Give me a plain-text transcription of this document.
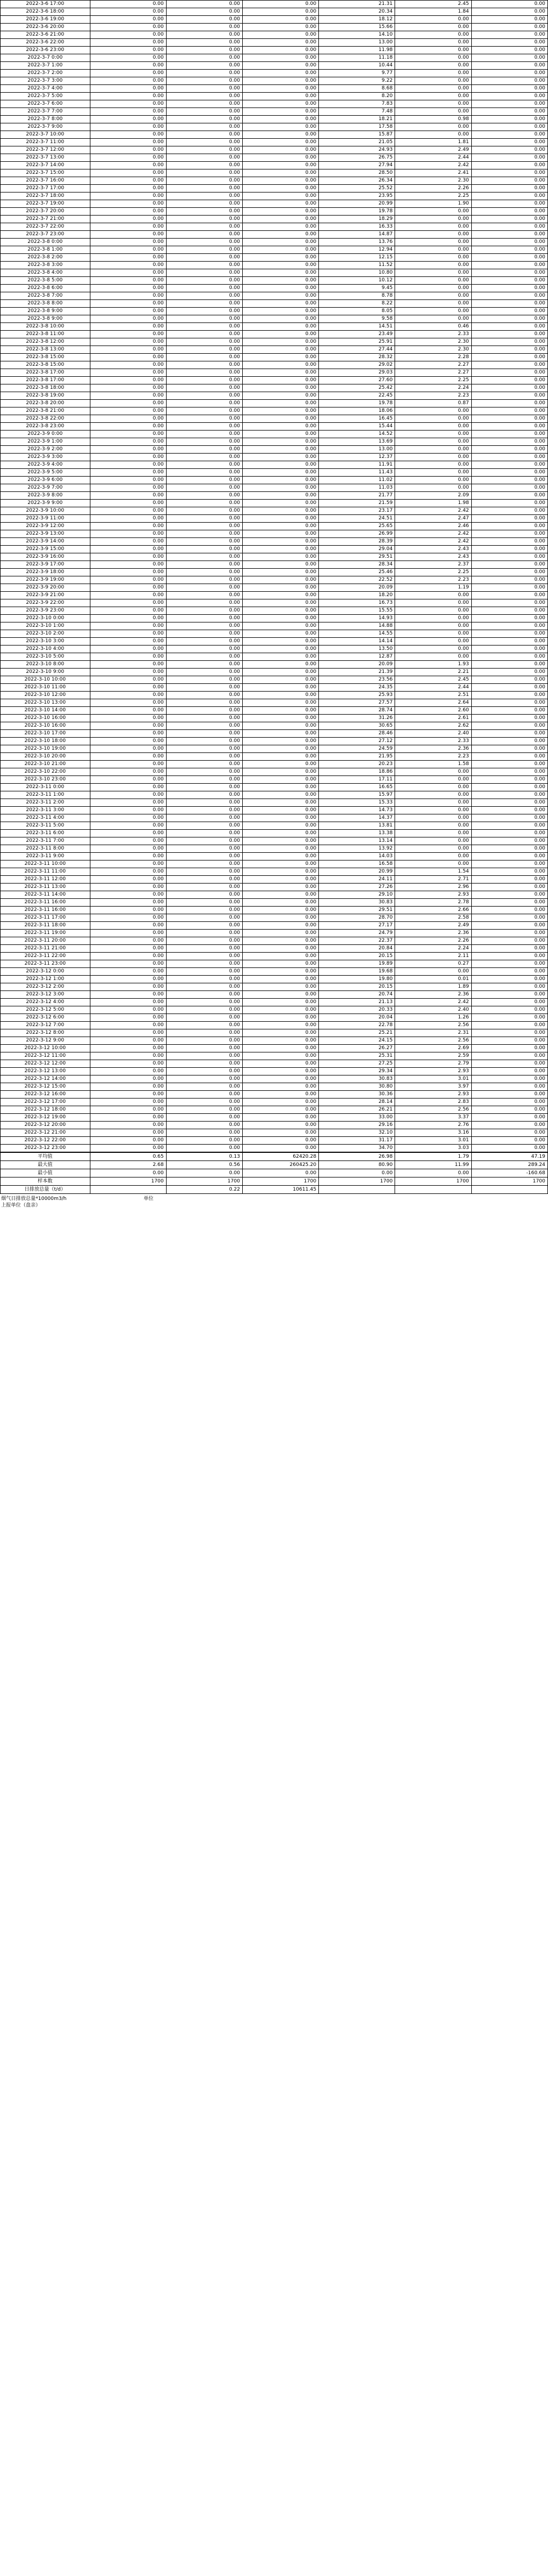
2022-3-6 17:00	0.00	0.00	0.00	21.31	2.45	0.00
2022-3-6 18:00	0.00	0.00	0.00	20.34	1.84	0.00
2022-3-6 19:00	0.00	0.00	0.00	18.12	0.00	0.00
2022-3-6 20:00	0.00	0.00	0.00	15.66	0.00	0.00
2022-3-6 21:00	0.00	0.00	0.00	14.10	0.00	0.00
2022-3-6 22:00	0.00	0.00	0.00	13.00	0.00	0.00
2022-3-6 23:00	0.00	0.00	0.00	11.98	0.00	0.00
2022-3-7 0:00	0.00	0.00	0.00	11.18	0.00	0.00
2022-3-7 1:00	0.00	0.00	0.00	10.44	0.00	0.00
2022-3-7 2:00	0.00	0.00	0.00	9.77	0.00	0.00
2022-3-7 3:00	0.00	0.00	0.00	9.22	0.00	0.00
2022-3-7 4:00	0.00	0.00	0.00	8.68	0.00	0.00
2022-3-7 5:00	0.00	0.00	0.00	8.20	0.00	0.00
2022-3-7 6:00	0.00	0.00	0.00	7.83	0.00	0.00
2022-3-7 7:00	0.00	0.00	0.00	7.48	0.00	0.00
2022-3-7 8:00	0.00	0.00	0.00	18.21	0.98	0.00
2022-3-7 9:00	0.00	0.00	0.00	17.58	0.00	0.00
2022-3-7 10:00	0.00	0.00	0.00	15.87	0.00	0.00
2022-3-7 11:00	0.00	0.00	0.00	21.05	1.81	0.00
2022-3-7 12:00	0.00	0.00	0.00	24.93	2.49	0.00
2022-3-7 13:00	0.00	0.00	0.00	26.75	2.44	0.00
2022-3-7 14:00	0.00	0.00	0.00	27.94	2.42	0.00
2022-3-7 15:00	0.00	0.00	0.00	28.50	2.41	0.00
2022-3-7 16:00	0.00	0.00	0.00	26.34	2.30	0.00
2022-3-7 17:00	0.00	0.00	0.00	25.52	2.26	0.00
2022-3-7 18:00	0.00	0.00	0.00	23.95	2.25	0.00
2022-3-7 19:00	0.00	0.00	0.00	20.99	1.90	0.00
2022-3-7 20:00	0.00	0.00	0.00	19.78	0.00	0.00
2022-3-7 21:00	0.00	0.00	0.00	18.29	0.00	0.00
2022-3-7 22:00	0.00	0.00	0.00	16.33	0.00	0.00
2022-3-7 23:00	0.00	0.00	0.00	14.87	0.00	0.00
2022-3-8 0:00	0.00	0.00	0.00	13.76	0.00	0.00
2022-3-8 1:00	0.00	0.00	0.00	12.94	0.00	0.00
2022-3-8 2:00	0.00	0.00	0.00	12.15	0.00	0.00
2022-3-8 3:00	0.00	0.00	0.00	11.52	0.00	0.00
2022-3-8 4:00	0.00	0.00	0.00	10.80	0.00	0.00
2022-3-8 5:00	0.00	0.00	0.00	10.12	0.00	0.00
2022-3-8 6:00	0.00	0.00	0.00	9.45	0.00	0.00
2022-3-8 7:00	0.00	0.00	0.00	8.78	0.00	0.00
2022-3-8 8:00	0.00	0.00	0.00	8.22	0.00	0.00
2022-3-8 9:00	0.00	0.00	0.00	8.05	0.00	0.00
2022-3-8 9:00	0.00	0.00	0.00	9.58	0.00	0.00
2022-3-8 10:00	0.00	0.00	0.00	14.51	0.46	0.00
2022-3-8 11:00	0.00	0.00	0.00	23.49	2.33	0.00
2022-3-8 12:00	0.00	0.00	0.00	25.91	2.30	0.00
2022-3-8 13:00	0.00	0.00	0.00	27.44	2.30	0.00
2022-3-8 15:00	0.00	0.00	0.00	28.32	2.28	0.00
2022-3-8 15:00	0.00	0.00	0.00	29.02	2.27	0.00
2022-3-8 17:00	0.00	0.00	0.00	29.03	2.27	0.00
2022-3-8 17:00	0.00	0.00	0.00	27.60	2.25	0.00
2022-3-8 18:00	0.00	0.00	0.00	25.42	2.24	0.00
2022-3-8 19:00	0.00	0.00	0.00	22.45	2.23	0.00
2022-3-8 20:00	0.00	0.00	0.00	19.78	0.87	0.00
2022-3-8 21:00	0.00	0.00	0.00	18.06	0.00	0.00
2022-3-8 22:00	0.00	0.00	0.00	16.45	0.00	0.00
2022-3-8 23:00	0.00	0.00	0.00	15.44	0.00	0.00
2022-3-9 0:00	0.00	0.00	0.00	14.52	0.00	0.00
2022-3-9 1:00	0.00	0.00	0.00	13.69	0.00	0.00
2022-3-9 2:00	0.00	0.00	0.00	13.00	0.00	0.00
2022-3-9 3:00	0.00	0.00	0.00	12.37	0.00	0.00
2022-3-9 4:00	0.00	0.00	0.00	11.91	0.00	0.00
2022-3-9 5:00	0.00	0.00	0.00	11.43	0.00	0.00
2022-3-9 6:00	0.00	0.00	0.00	11.02	0.00	0.00
2022-3-9 7:00	0.00	0.00	0.00	11.03	0.00	0.00
2022-3-9 8:00	0.00	0.00	0.00	21.77	2.09	0.00
2022-3-9 9:00	0.00	0.00	0.00	21.59	1.98	0.00
2022-3-9 10:00	0.00	0.00	0.00	23.17	2.42	0.00
2022-3-9 11:00	0.00	0.00	0.00	24.51	2.47	0.00
2022-3-9 12:00	0.00	0.00	0.00	25.65	2.46	0.00
2022-3-9 13:00	0.00	0.00	0.00	26.99	2.42	0.00
2022-3-9 14:00	0.00	0.00	0.00	28.39	2.42	0.00
2022-3-9 15:00	0.00	0.00	0.00	29.04	2.43	0.00
2022-3-9 16:00	0.00	0.00	0.00	29.51	2.43	0.00
2022-3-9 17:00	0.00	0.00	0.00	28.34	2.37	0.00
2022-3-9 18:00	0.00	0.00	0.00	25.46	2.25	0.00
2022-3-9 19:00	0.00	0.00	0.00	22.52	2.23	0.00
2022-3-9 20:00	0.00	0.00	0.00	20.09	1.19	0.00
2022-3-9 21:00	0.00	0.00	0.00	18.20	0.00	0.00
2022-3-9 22:00	0.00	0.00	0.00	16.73	0.00	0.00
2022-3-9 23:00	0.00	0.00	0.00	15.55	0.00	0.00
2022-3-10 0:00	0.00	0.00	0.00	14.93	0.00	0.00
2022-3-10 1:00	0.00	0.00	0.00	14.88	0.00	0.00
2022-3-10 2:00	0.00	0.00	0.00	14.55	0.00	0.00
2022-3-10 3:00	0.00	0.00	0.00	14.14	0.00	0.00
2022-3-10 4:00	0.00	0.00	0.00	13.50	0.00	0.00
2022-3-10 5:00	0.00	0.00	0.00	12.87	0.00	0.00
2022-3-10 8:00	0.00	0.00	0.00	20.09	1.93	0.00
2022-3-10 9:00	0.00	0.00	0.00	21.39	2.21	0.00
2022-3-10 10:00	0.00	0.00	0.00	23.56	2.45	0.00
2022-3-10 11:00	0.00	0.00	0.00	24.35	2.44	0.00
2022-3-10 12:00	0.00	0.00	0.00	25.93	2.51	0.00
2022-3-10 13:00	0.00	0.00	0.00	27.57	2.64	0.00
2022-3-10 14:00	0.00	0.00	0.00	28.74	2.60	0.00
2022-3-10 16:00	0.00	0.00	0.00	31.26	2.61	0.00
2022-3-10 16:00	0.00	0.00	0.00	30.65	2.62	0.00
2022-3-10 17:00	0.00	0.00	0.00	28.46	2.40	0.00
2022-3-10 18:00	0.00	0.00	0.00	27.12	2.33	0.00
2022-3-10 19:00	0.00	0.00	0.00	24.59	2.36	0.00
2022-3-10 20:00	0.00	0.00	0.00	21.95	2.23	0.00
2022-3-10 21:00	0.00	0.00	0.00	20.23	1.58	0.00
2022-3-10 22:00	0.00	0.00	0.00	18.86	0.00	0.00
2022-3-10 23:00	0.00	0.00	0.00	17.11	0.00	0.00
2022-3-11 0:00	0.00	0.00	0.00	16.65	0.00	0.00
2022-3-11 1:00	0.00	0.00	0.00	15.97	0.00	0.00
2022-3-11 2:00	0.00	0.00	0.00	15.33	0.00	0.00
2022-3-11 3:00	0.00	0.00	0.00	14.73	0.00	0.00
2022-3-11 4:00	0.00	0.00	0.00	14.37	0.00	0.00
2022-3-11 5:00	0.00	0.00	0.00	13.81	0.00	0.00
2022-3-11 6:00	0.00	0.00	0.00	13.38	0.00	0.00
2022-3-11 7:00	0.00	0.00	0.00	13.14	0.00	0.00
2022-3-11 8:00	0.00	0.00	0.00	13.92	0.00	0.00
2022-3-11 9:00	0.00	0.00	0.00	14.03	0.00	0.00
2022-3-11 10:00	0.00	0.00	0.00	16.58	0.00	0.00
2022-3-11 11:00	0.00	0.00	0.00	20.99	1.54	0.00
2022-3-11 12:00	0.00	0.00	0.00	24.11	2.71	0.00
2022-3-11 13:00	0.00	0.00	0.00	27.26	2.96	0.00
2022-3-11 14:00	0.00	0.00	0.00	29.10	2.93	0.00
2022-3-11 16:00	0.00	0.00	0.00	30.83	2.78	0.00
2022-3-11 16:00	0.00	0.00	0.00	29.51	2.66	0.00
2022-3-11 17:00	0.00	0.00	0.00	28.70	2.58	0.00
2022-3-11 18:00	0.00	0.00	0.00	27.17	2.49	0.00
2022-3-11 19:00	0.00	0.00	0.00	24.79	2.36	0.00
2022-3-11 20:00	0.00	0.00	0.00	22.37	2.26	0.00
2022-3-11 21:00	0.00	0.00	0.00	20.84	2.24	0.00
2022-3-11 22:00	0.00	0.00	0.00	20.15	2.11	0.00
2022-3-11 23:00	0.00	0.00	0.00	19.89	0.27	0.00
2022-3-12 0:00	0.00	0.00	0.00	19.68	0.00	0.00
2022-3-12 1:00	0.00	0.00	0.00	19.80	0.01	0.00
2022-3-12 2:00	0.00	0.00	0.00	20.15	1.89	0.00
2022-3-12 3:00	0.00	0.00	0.00	20.74	2.36	0.00
2022-3-12 4:00	0.00	0.00	0.00	21.13	2.42	0.00
2022-3-12 5:00	0.00	0.00	0.00	20.33	2.40	0.00
2022-3-12 6:00	0.00	0.00	0.00	20.04	1.26	0.00
2022-3-12 7:00	0.00	0.00	0.00	22.78	2.56	0.00
2022-3-12 8:00	0.00	0.00	0.00	25.21	2.31	0.00
2022-3-12 9:00	0.00	0.00	0.00	24.15	2.56	0.00
2022-3-12 10:00	0.00	0.00	0.00	26.27	2.69	0.00
2022-3-12 11:00	0.00	0.00	0.00	25.31	2.59	0.00
2022-3-12 12:00	0.00	0.00	0.00	27.25	2.79	0.00
2022-3-12 13:00	0.00	0.00	0.00	29.34	2.93	0.00
2022-3-12 14:00	0.00	0.00	0.00	30.83	3.01	0.00
2022-3-12 15:00	0.00	0.00	0.00	30.80	3.97	0.00
2022-3-12 16:00	0.00	0.00	0.00	30.36	2.93	0.00
2022-3-12 17:00	0.00	0.00	0.00	28.14	2.83	0.00
2022-3-12 18:00	0.00	0.00	0.00	26.21	2.56	0.00
2022-3-12 19:00	0.00	0.00	0.00	33.00	3.37	0.00
2022-3-12 20:00	0.00	0.00	0.00	29.16	2.76	0.00
2022-3-12 21:00	0.00	0.00	0.00	32.10	3.16	0.00
2022-3-12 22:00	0.00	0.00	0.00	31.17	3.01	0.00
2022-3-12 23:00	0.00	0.00	0.00	34.70	3.03	0.00
平均值	0.65	0.13	62420.28	26.98	1.79	47.19
最大值	2.68	0.56	260425.20	80.90	11.99	289.24
最小值	0.00	0.00	0.00	0.00	0.00	-160.68
样本数	1700	1700	1700	1700	1700	1700
日排放总量（t/d）		0.22	10611.45			
烟气日排放总量*10000m3/h
上报单位（盘亲）

单位
